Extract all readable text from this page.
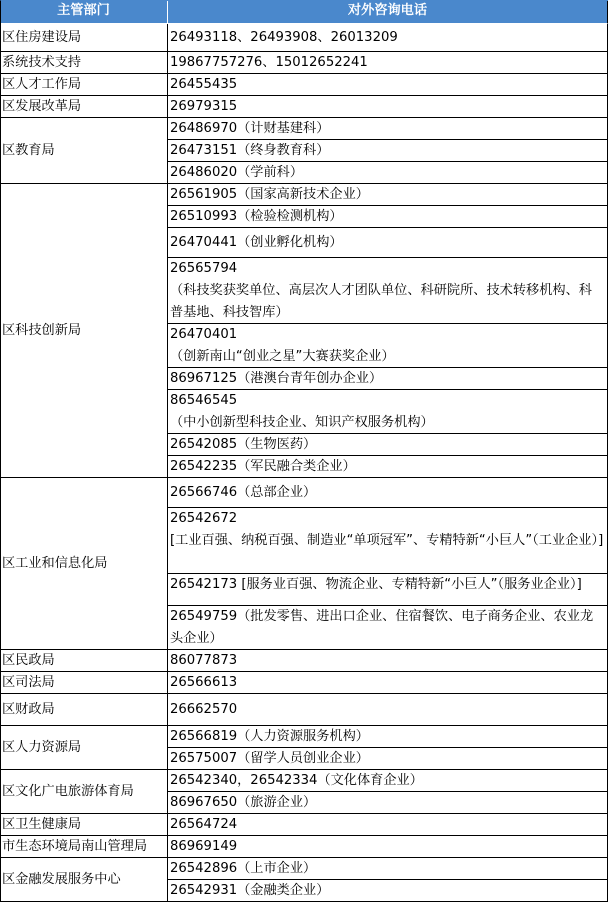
主管部门	对外咨询电话
区住房建设局
系统技术支持
区人才工作局
区发展改革局
区教育局
区科技创新局
区工业和信息化局
区民政局
区司法局
区财政局
区人力资源局
区文化广电旅游体育局
区卫生健康局
市生态环境局南山管理局
区金融发展服务中心
26493118、26493908、26013209
19867757276、15012652241
26455435
26979315
26486970（计财基建科）
26473151（终身教育科）
26486020（学前科）
26561905（国家高新技术企业）
26510993（检验检测机构）
26470441（创业孵化机构）
26565794
（科技奖获奖单位、高层次人才团队单位、科研院所、技术转移机构、科普基地、科技智库）
26470401
（创新南山“创业之星”大赛获奖企业）
86967125（港澳台青年创办企业）
86546545
（中小创新型科技企业、知识产权服务机构）
26542085（生物医药）
26542235（军民融合类企业）
26566746（总部企业）
26542672
[工业百强、纳税百强、制造业“单项冠军”、专精特新“小巨人”（工业企业）]
26542173 [服务业百强、物流企业、专精特新“小巨人”（服务业企业）]
26549759（批发零售、进出口企业、住宿餐饮、电子商务企业、农业龙头企业）
86077873
26566613
26662570
26566819（人力资源服务机构）
26575007（留学人员创业企业）
26542340，26542334（文化体育企业）
86967650（旅游企业）
26564724
86969149
26542896（上市企业）
26542931（金融类企业）
